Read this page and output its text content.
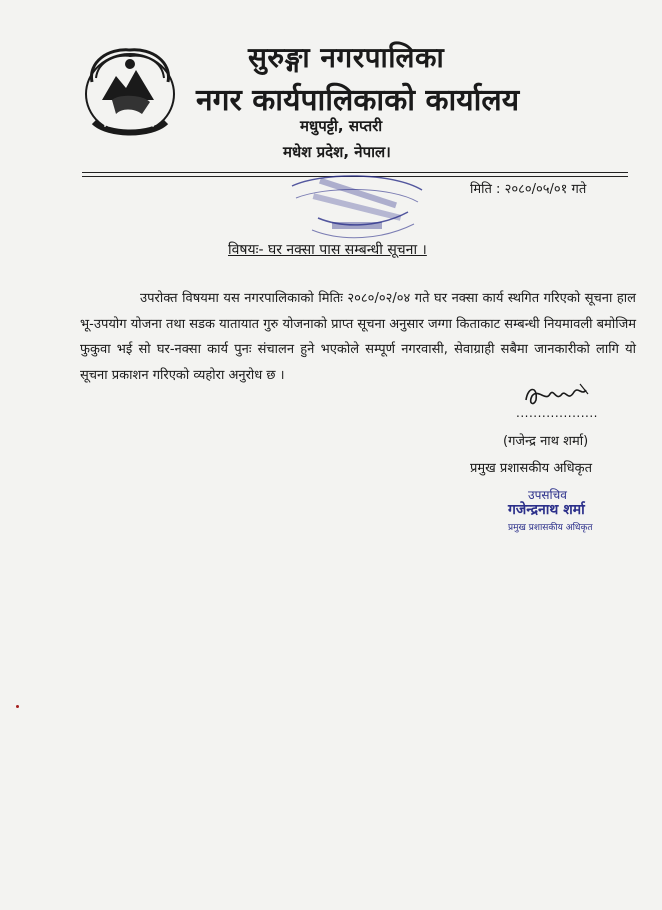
सुरुङ्गा नगरपालिका
नगर कार्यपालिकाको कार्यालय
मधुपट्टी, सप्तरी
मधेश प्रदेश, नेपाल।
मिति : २०८०/०५/०१ गते
विषयः- घर नक्सा पास सम्बन्धी सूचना ।

उपरोक्त विषयमा यस नगरपालिकाको मितिः २०८०/०२/०४ गते घर नक्सा कार्य स्थगित गरिएको सूचना हाल भू-उपयोग योजना तथा सडक यातायात गुरु योजनाको प्राप्त सूचना अनुसार जग्गा किताकाट सम्बन्धी नियमावली बमोजिम फुकुवा भई सो घर-नक्सा कार्य पुनः संचालन हुने भएकोले सम्पूर्ण नगरवासी, सेवाग्राही सबैमा जानकारीको लागि यो सूचना प्रकाशन गरिएको व्यहोरा अनुरोध छ ।

...................
(गजेन्द्र नाथ शर्मा)
प्रमुख प्रशासकीय अधिकृत
उपसचिव
गजेन्द्रनाथ शर्मा
प्रमुख प्रशासकीय अधिकृत
